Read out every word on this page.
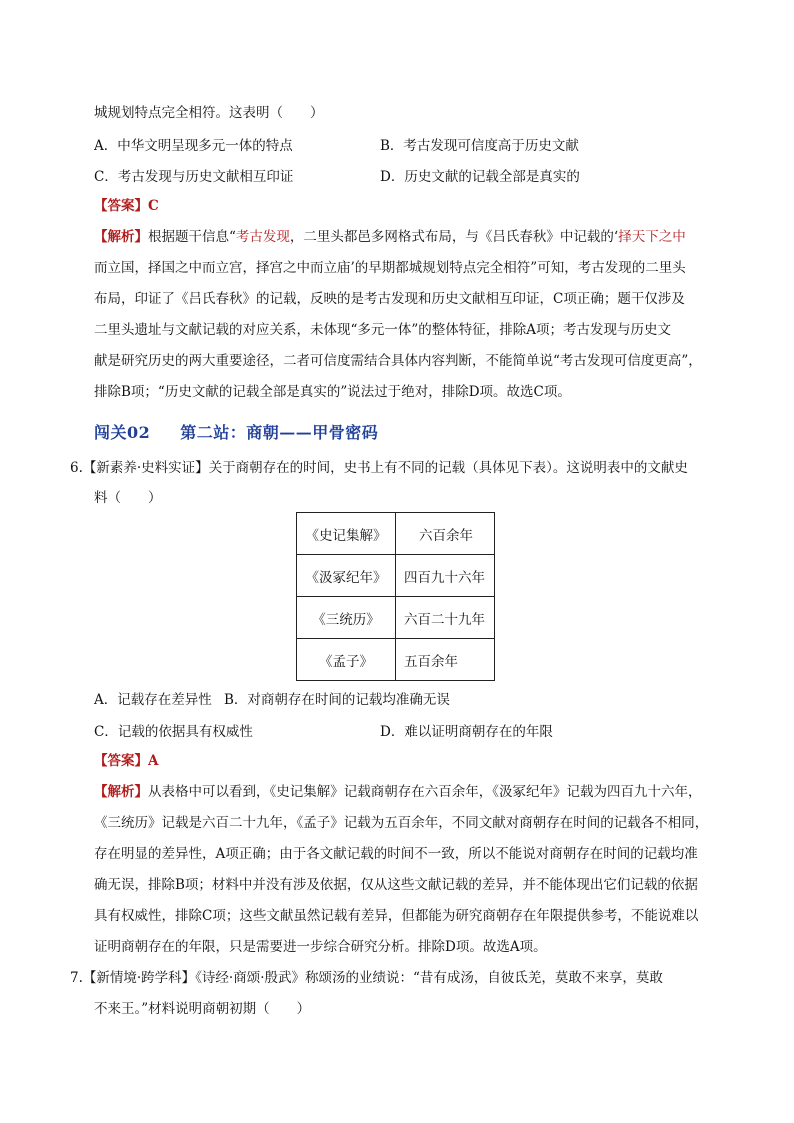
城规划特点完全相符。这表明（　　）
A．中华文明呈现多元一体的特点	B．考古发现可信度高于历史文献
C．考古发现与历史文献相互印证	D．历史文献的记载全部是真实的
【答案】C
【解析】根据题干信息“考古发现，二里头都邑多网格式布局，与《吕氏春秋》中记载的‘择天下之中
而立国，择国之中而立宫，择宫之中而立庙’的早期都城规划特点完全相符”可知，考古发现的二里头
布局，印证了《吕氏春秋》的记载，反映的是考古发现和历史文献相互印证，C项正确；题干仅涉及
二里头遗址与文献记载的对应关系，未体现“多元一体”的整体特征，排除A项；考古发现与历史文
献是研究历史的两大重要途径，二者可信度需结合具体内容判断，不能简单说“考古发现可信度更高”，
排除B项；“历史文献的记载全部是真实的”说法过于绝对，排除D项。故选C项。
闯关02 第二站：商朝——甲骨密码
6.【新素养·史料实证】关于商朝存在的时间，史书上有不同的记载（具体见下表）。这说明表中的文献史
料（　　）
《史记集解》	六百余年
《汲冢纪年》	四百九十六年
《三统历》	六百二十九年
《孟子》	五百余年
A．记载存在差异性 B．对商朝存在时间的记载均准确无误
C．记载的依据具有权威性	D．难以证明商朝存在的年限
【答案】A
【解析】从表格中可以看到，《史记集解》记载商朝存在六百余年，《汲冢纪年》记载为四百九十六年，
《三统历》记载是六百二十九年，《孟子》记载为五百余年，不同文献对商朝存在时间的记载各不相同，
存在明显的差异性，A项正确；由于各文献记载的时间不一致，所以不能说对商朝存在时间的记载均准
确无误，排除B项；材料中并没有涉及依据，仅从这些文献记载的差异，并不能体现出它们记载的依据
具有权威性，排除C项；这些文献虽然记载有差异，但都能为研究商朝存在年限提供参考，不能说难以
证明商朝存在的年限，只是需要进一步综合研究分析。排除D项。故选A项。
7.【新情境·跨学科】《诗经·商颂·殷武》称颂汤的业绩说：“昔有成汤，自彼氐羌，莫敢不来享，莫敢
不来王。”材料说明商朝初期（　　）
